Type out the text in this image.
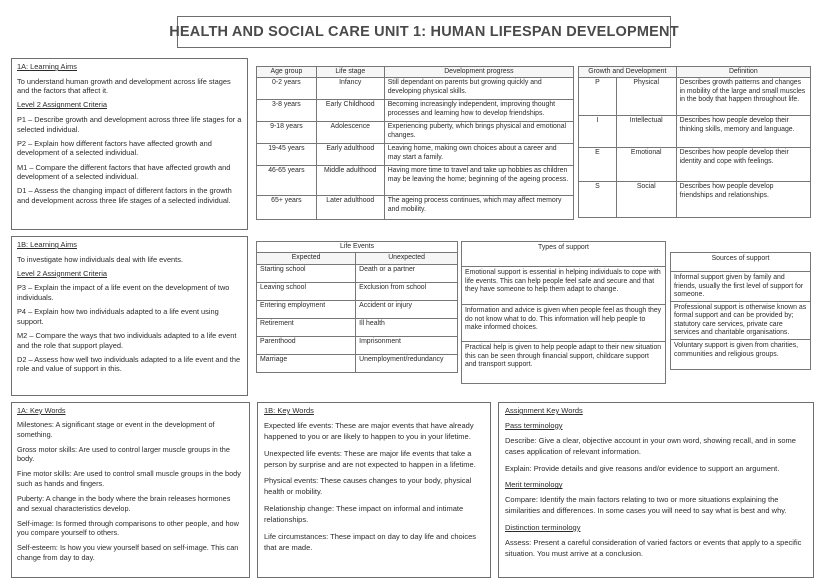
HEALTH AND SOCIAL CARE UNIT 1: HUMAN LIFESPAN DEVELOPMENT

1A: Learning Aims

To understand human growth and development across life stages and the factors that affect it.

Level 2 Assignment Criteria

P1 – Describe growth and development across three life stages for a selected individual.

P2 – Explain how different factors have affected growth and development of a selected individual.

M1 – Compare the different factors that have affected growth and development of a selected individual.

D1 – Assess the changing impact of different factors in the growth and development across three life stages of a selected individual.

1B: Learning Aims

To investigate how individuals deal with life events.

Level 2 Assignment Criteria

P3 – Explain the impact of a life event on the development of two individuals.

P4 – Explain how two individuals adapted to a life event using support.

M2 – Compare the ways that two individuals adapted to a life event and the role that support played.

D2 – Assess how well two individuals adapted to a life event and the role and value of support in this.

Age group	Life stage	Development progress
0-2 years	Infancy	Still dependant on parents but growing quickly and developing physical skills.
3-8 years	Early Childhood	Becoming increasingly independent, improving thought processes and learning how to develop friendships.
9-18 years	Adolescence	Experiencing puberty, which brings physical and emotional changes.
19-45 years	Early adulthood	Leaving home, making own choices about a career and may start a family.
46-65 years	Middle adulthood	Having more time to travel and take up hobbies as children may be leaving the home; beginning of the ageing process.
65+ years	Later adulthood	The ageing process continues, which may affect memory and mobility.
Growth and Development		Definition
P	Physical	Describes growth patterns and changes in mobility of the large and small muscles in the body that happen throughout life.
I	Intellectual	Describes how people develop their thinking skills, memory and language.
E	Emotional	Describes how people develop their identity and cope with feelings.
S	Social	Describes how people develop friendships and relationships.
Life Events	
Expected	Unexpected
Starting school	Death or a partner
Leaving school	Exclusion from school
Entering employment	Accident or injury
Retirement	Ill health
Parenthood	Imprisonment
Marriage	Unemployment/redundancy
Types of support
Emotional support is essential in helping individuals to cope with life events. This can help people feel safe and secure and that they have someone to help them adapt to change.
Information and advice is given when people feel as though they do not know what to do. This information will help people to make informed choices.
Practical help is given to help people adapt to their new situation this can be seen through financial support, childcare support and transport support.
Sources of support
Informal support given by family and friends, usually the first level of support for someone.
Professional support is otherwise known as formal support and can be provided by; statutory care services, private care services and charitable organisations.
Voluntary support is given from charities, communities and religious groups.

1A: Key Words

Milestones: A significant stage or event in the development of something.

Gross motor skills: Are used to control larger muscle groups in the body.

Fine motor skills: Are used to control small muscle groups in the body such as hands and fingers.

Puberty: A change in the body where the brain releases hormones and sexual characteristics develop.

Self-image: Is formed through comparisons to other people, and how you compare yourself to others.

Self-esteem: Is how you view yourself based on self-image. This can change from day to day.

1B: Key Words

Expected life events: These are major events that have already happened to you or are likely to happen to you in your lifetime.

Unexpected life events: These are major life events that take a person by surprise and are not expected to happen in a lifetime.

Physical events: These causes changes to your body, physical health or mobility.

Relationship change: These impact on informal and intimate relationships.

Life circumstances: These impact on day to day life and choices that are made.

Assignment Key Words

Pass terminology

Describe: Give a clear, objective account in your own word, showing recall, and in some cases application of relevant information.

Explain: Provide details and give reasons and/or evidence to support an argument.

Merit terminology

Compare: Identify the main factors relating to two or more situations explaining the similarities and differences. In some cases you will need to say what is best and why.

Distinction terminology

Assess: Present a careful consideration of varied factors or events that apply to a specific situation. You must arrive at a conclusion.
